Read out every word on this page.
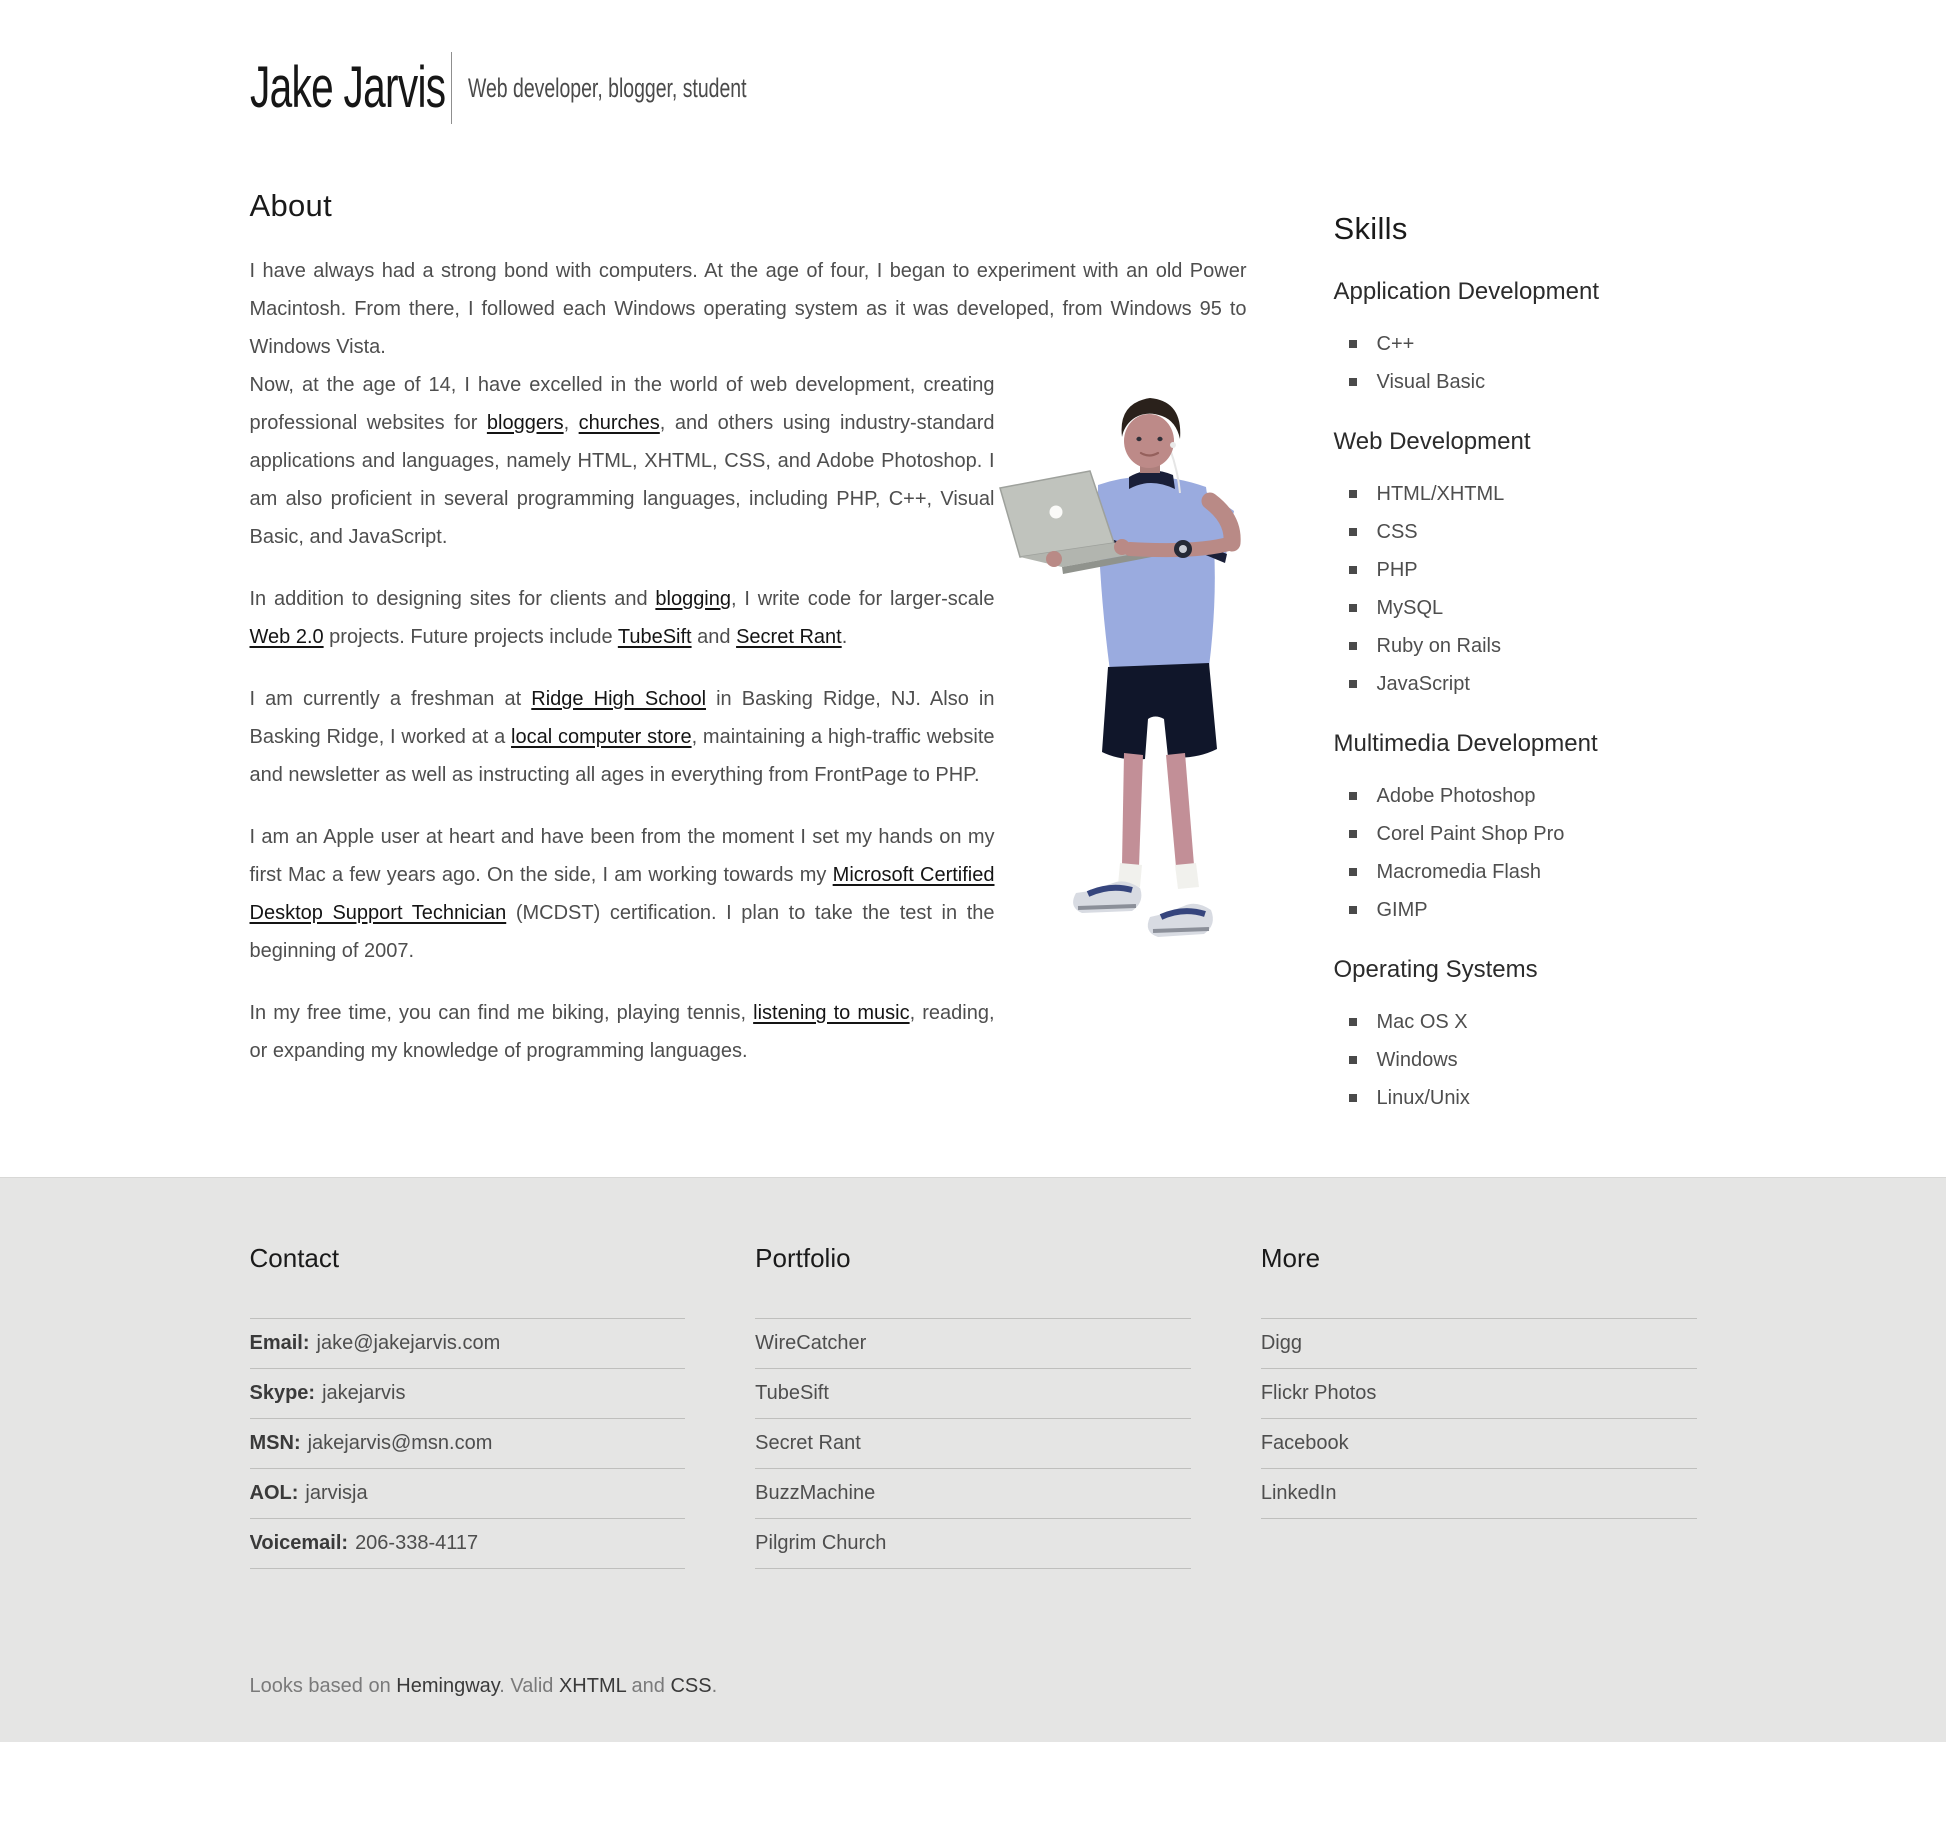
Jake Jarvis Web developer, blogger, student
About

I have always had a strong bond with computers. At the age of four, I began to experiment with an old Power Macintosh. From there, I followed each Windows operating system as it was developed, from Windows 95 to Windows Vista.

Now, at the age of 14, I have excelled in the world of web development, creating professional websites for bloggers, churches, and others using industry-standard applications and languages, namely HTML, XHTML, CSS, and Adobe Photoshop. I am also proficient in several programming languages, including PHP, C++, Visual Basic, and JavaScript.

In addition to designing sites for clients and blogging, I write code for larger-scale Web 2.0 projects. Future projects include TubeSift and Secret Rant.

I am currently a freshman at Ridge High School in Basking Ridge, NJ. Also in Basking Ridge, I worked at a local computer store, maintaining a high-traffic website and newsletter as well as instructing all ages in everything from FrontPage to PHP.

I am an Apple user at heart and have been from the moment I set my hands on my first Mac a few years ago. On the side, I am working towards my Microsoft Certified Desktop Support Technician (MCDST) certification. I plan to take the test in the beginning of 2007.

In my free time, you can find me biking, playing tennis, listening to music, reading, or expanding my knowledge of programming languages.

Skills
Application Development
C++
Visual Basic
Web Development
HTML/XHTML
CSS
PHP
MySQL
Ruby on Rails
JavaScript
Multimedia Development
Adobe Photoshop
Corel Paint Shop Pro
Macromedia Flash
GIMP
Operating Systems
Mac OS X
Windows
Linux/Unix
Contact
Email: jake@jakejarvis.com
Skype: jakejarvis
MSN: jakejarvis@msn.com
AOL: jarvisja
Voicemail: 206-338-4117
Portfolio
WireCatcher
TubeSift
Secret Rant
BuzzMachine
Pilgrim Church
More
Digg
Flickr Photos
Facebook
LinkedIn

Looks based on Hemingway. Valid XHTML and CSS.
